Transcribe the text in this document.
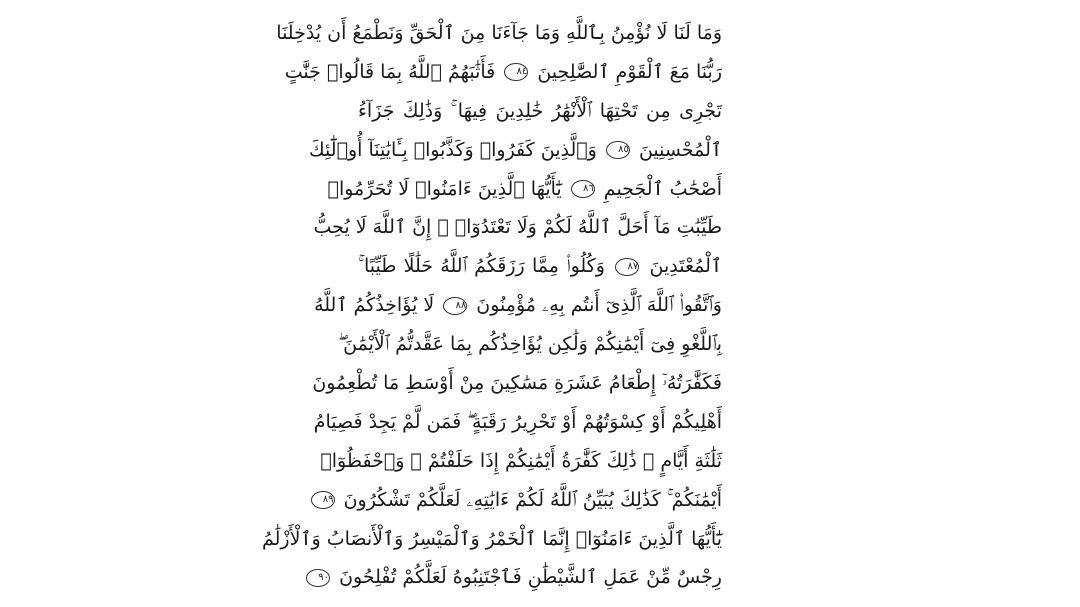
وَمَا لَنَا لَا نُؤْمِنُ بِٱللَّهِ وَمَا جَآءَنَا مِنَ ٱلْحَقِّ وَنَطْمَعُ أَن يُدْخِلَنَا
رَبُّنَا مَعَ ٱلْقَوْمِ ٱلصَّٰلِحِينَ ٨٤ فَأَثَٰبَهُمُ ٱللَّهُ بِمَا قَالُوا۟ جَنَّٰتٍ
تَجْرِى مِن تَحْتِهَا ٱلْأَنْهَٰرُ خَٰلِدِينَ فِيهَا ۚ وَذَٰلِكَ جَزَآءُ
ٱلْمُحْسِنِينَ ٨٥ وَٱلَّذِينَ كَفَرُوا۟ وَكَذَّبُوا۟ بِـَٔايَٰتِنَآ أُو۟لَٰٓئِكَ
أَصْحَٰبُ ٱلْجَحِيمِ ٨٦ يَٰٓأَيُّهَا ٱلَّذِينَ ءَامَنُوا۟ لَا تُحَرِّمُوا۟
طَيِّبَٰتِ مَآ أَحَلَّ ٱللَّهُ لَكُمْ وَلَا تَعْتَدُوٓا۟ ۚ إِنَّ ٱللَّهَ لَا يُحِبُّ
ٱلْمُعْتَدِينَ ٨٧ وَكُلُوا۟ مِمَّا رَزَقَكُمُ ٱللَّهُ حَلَٰلًا طَيِّبًا ۚ
وَٱتَّقُوا۟ ٱللَّهَ ٱلَّذِىٓ أَنتُم بِهِۦ مُؤْمِنُونَ ٨٨ لَا يُؤَاخِذُكُمُ ٱللَّهُ
بِٱللَّغْوِ فِىٓ أَيْمَٰنِكُمْ وَلَٰكِن يُؤَاخِذُكُم بِمَا عَقَّدتُّمُ ٱلْأَيْمَٰنَ ۖ
فَكَفَّٰرَتُهُۥٓ إِطْعَامُ عَشَرَةِ مَسَٰكِينَ مِنْ أَوْسَطِ مَا تُطْعِمُونَ
أَهْلِيكُمْ أَوْ كِسْوَتُهُمْ أَوْ تَحْرِيرُ رَقَبَةٍ ۖ فَمَن لَّمْ يَجِدْ فَصِيَامُ
ثَلَٰثَةِ أَيَّامٍ ۚ ذَٰلِكَ كَفَّٰرَةُ أَيْمَٰنِكُمْ إِذَا حَلَفْتُمْ ۚ وَٱحْفَظُوٓا۟
أَيْمَٰنَكُمْ ۚ كَذَٰلِكَ يُبَيِّنُ ٱللَّهُ لَكُمْ ءَايَٰتِهِۦ لَعَلَّكُمْ تَشْكُرُونَ ٨٩
يَٰٓأَيُّهَا ٱلَّذِينَ ءَامَنُوٓا۟ إِنَّمَا ٱلْخَمْرُ وَٱلْمَيْسِرُ وَٱلْأَنصَابُ وَٱلْأَزْلَٰمُ
رِجْسٌ مِّنْ عَمَلِ ٱلشَّيْطَٰنِ فَٱجْتَنِبُوهُ لَعَلَّكُمْ تُفْلِحُونَ ٩٠
